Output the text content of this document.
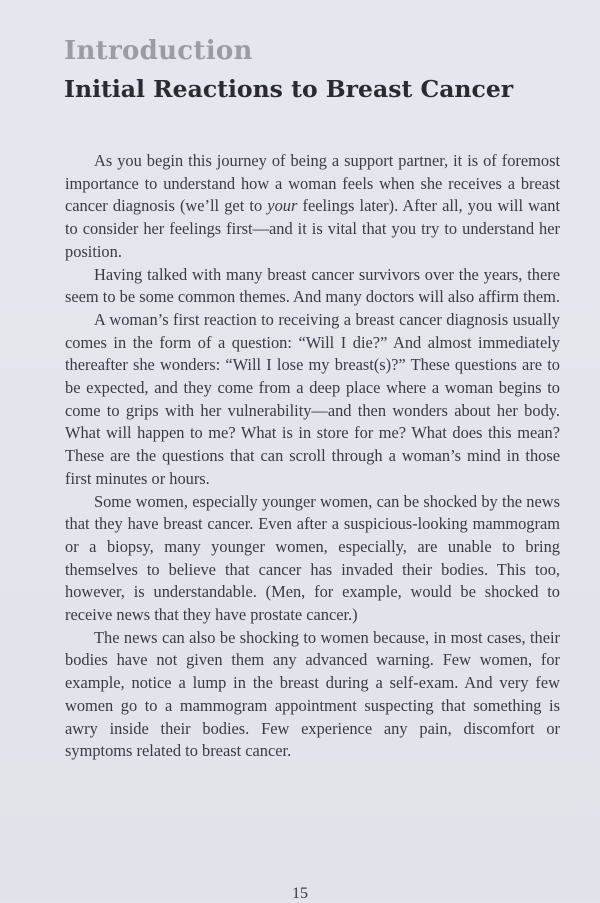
Introduction
Initial Reactions to Breast Cancer

As you begin this journey of being a support partner, it is of foremost importance to understand how a woman feels when she receives a breast cancer diagnosis (we’ll get to your feelings later). After all, you will want to consider her feelings first—and it is vital that you try to understand her position.

Having talked with many breast cancer survivors over the years, there seem to be some common themes. And many doctors will also affirm them.

A woman’s first reaction to receiving a breast cancer diagnosis usually comes in the form of a question: “Will I die?” And almost immediately thereafter she wonders: “Will I lose my breast(s)?” These questions are to be expected, and they come from a deep place where a woman begins to come to grips with her vulnerability—and then wonders about her body. What will happen to me? What is in store for me? What does this mean? These are the questions that can scroll through a woman’s mind in those first minutes or hours.

Some women, especially younger women, can be shocked by the news that they have breast cancer. Even after a suspicious-looking mammogram or a biopsy, many younger women, especially, are unable to bring themselves to believe that cancer has invaded their bodies. This too, however, is understandable. (Men, for example, would be shocked to receive news that they have prostate cancer.)

The news can also be shocking to women because, in most cases, their bodies have not given them any advanced warning. Few women, for example, notice a lump in the breast during a self-exam. And very few women go to a mammogram appointment suspecting that something is awry inside their bodies. Few experience any pain, discomfort or symptoms related to breast cancer.

15
